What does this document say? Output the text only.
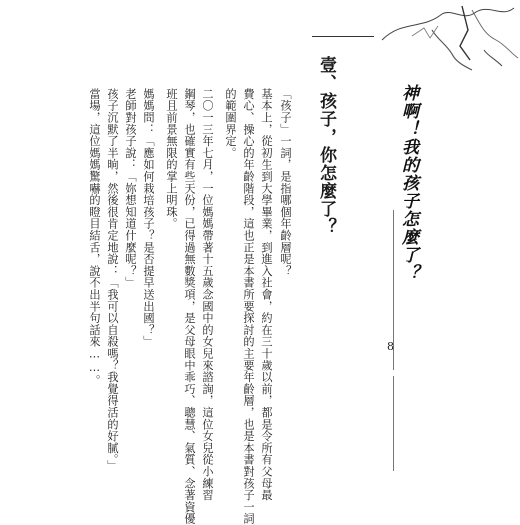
神啊！我的孩子怎麼了？
8
壹、孩子，你怎麼了？
「孩子」一詞，是指哪個年齡層呢？
基本上，從初生到大學畢業，到進入社會，約在三十歲以前，都是令所有父母最
費心、操心的年齡階段，這也正是本書所要探討的主要年齡層，也是本書對孩子一詞
的範圍界定。
二〇一三年七月，一位媽媽帶著十五歲念國中的女兒來諮詢，這位女兒從小練習
鋼琴，也確實有些天份，已得過無數獎項，是父母眼中乖巧、聰慧、氣質、念著資優
班且前景無限的掌上明珠。
媽媽問：「應如何栽培孩子？是否提早送出國？」
老師對孩子說：「妳想知道什麼呢？」
孩子沉默了半晌，然後很肯定地說：「我可以自殺嗎？我覺得活的好膩。」
當場，這位媽媽驚嚇的瞪目結舌，說不出半句話來……。
